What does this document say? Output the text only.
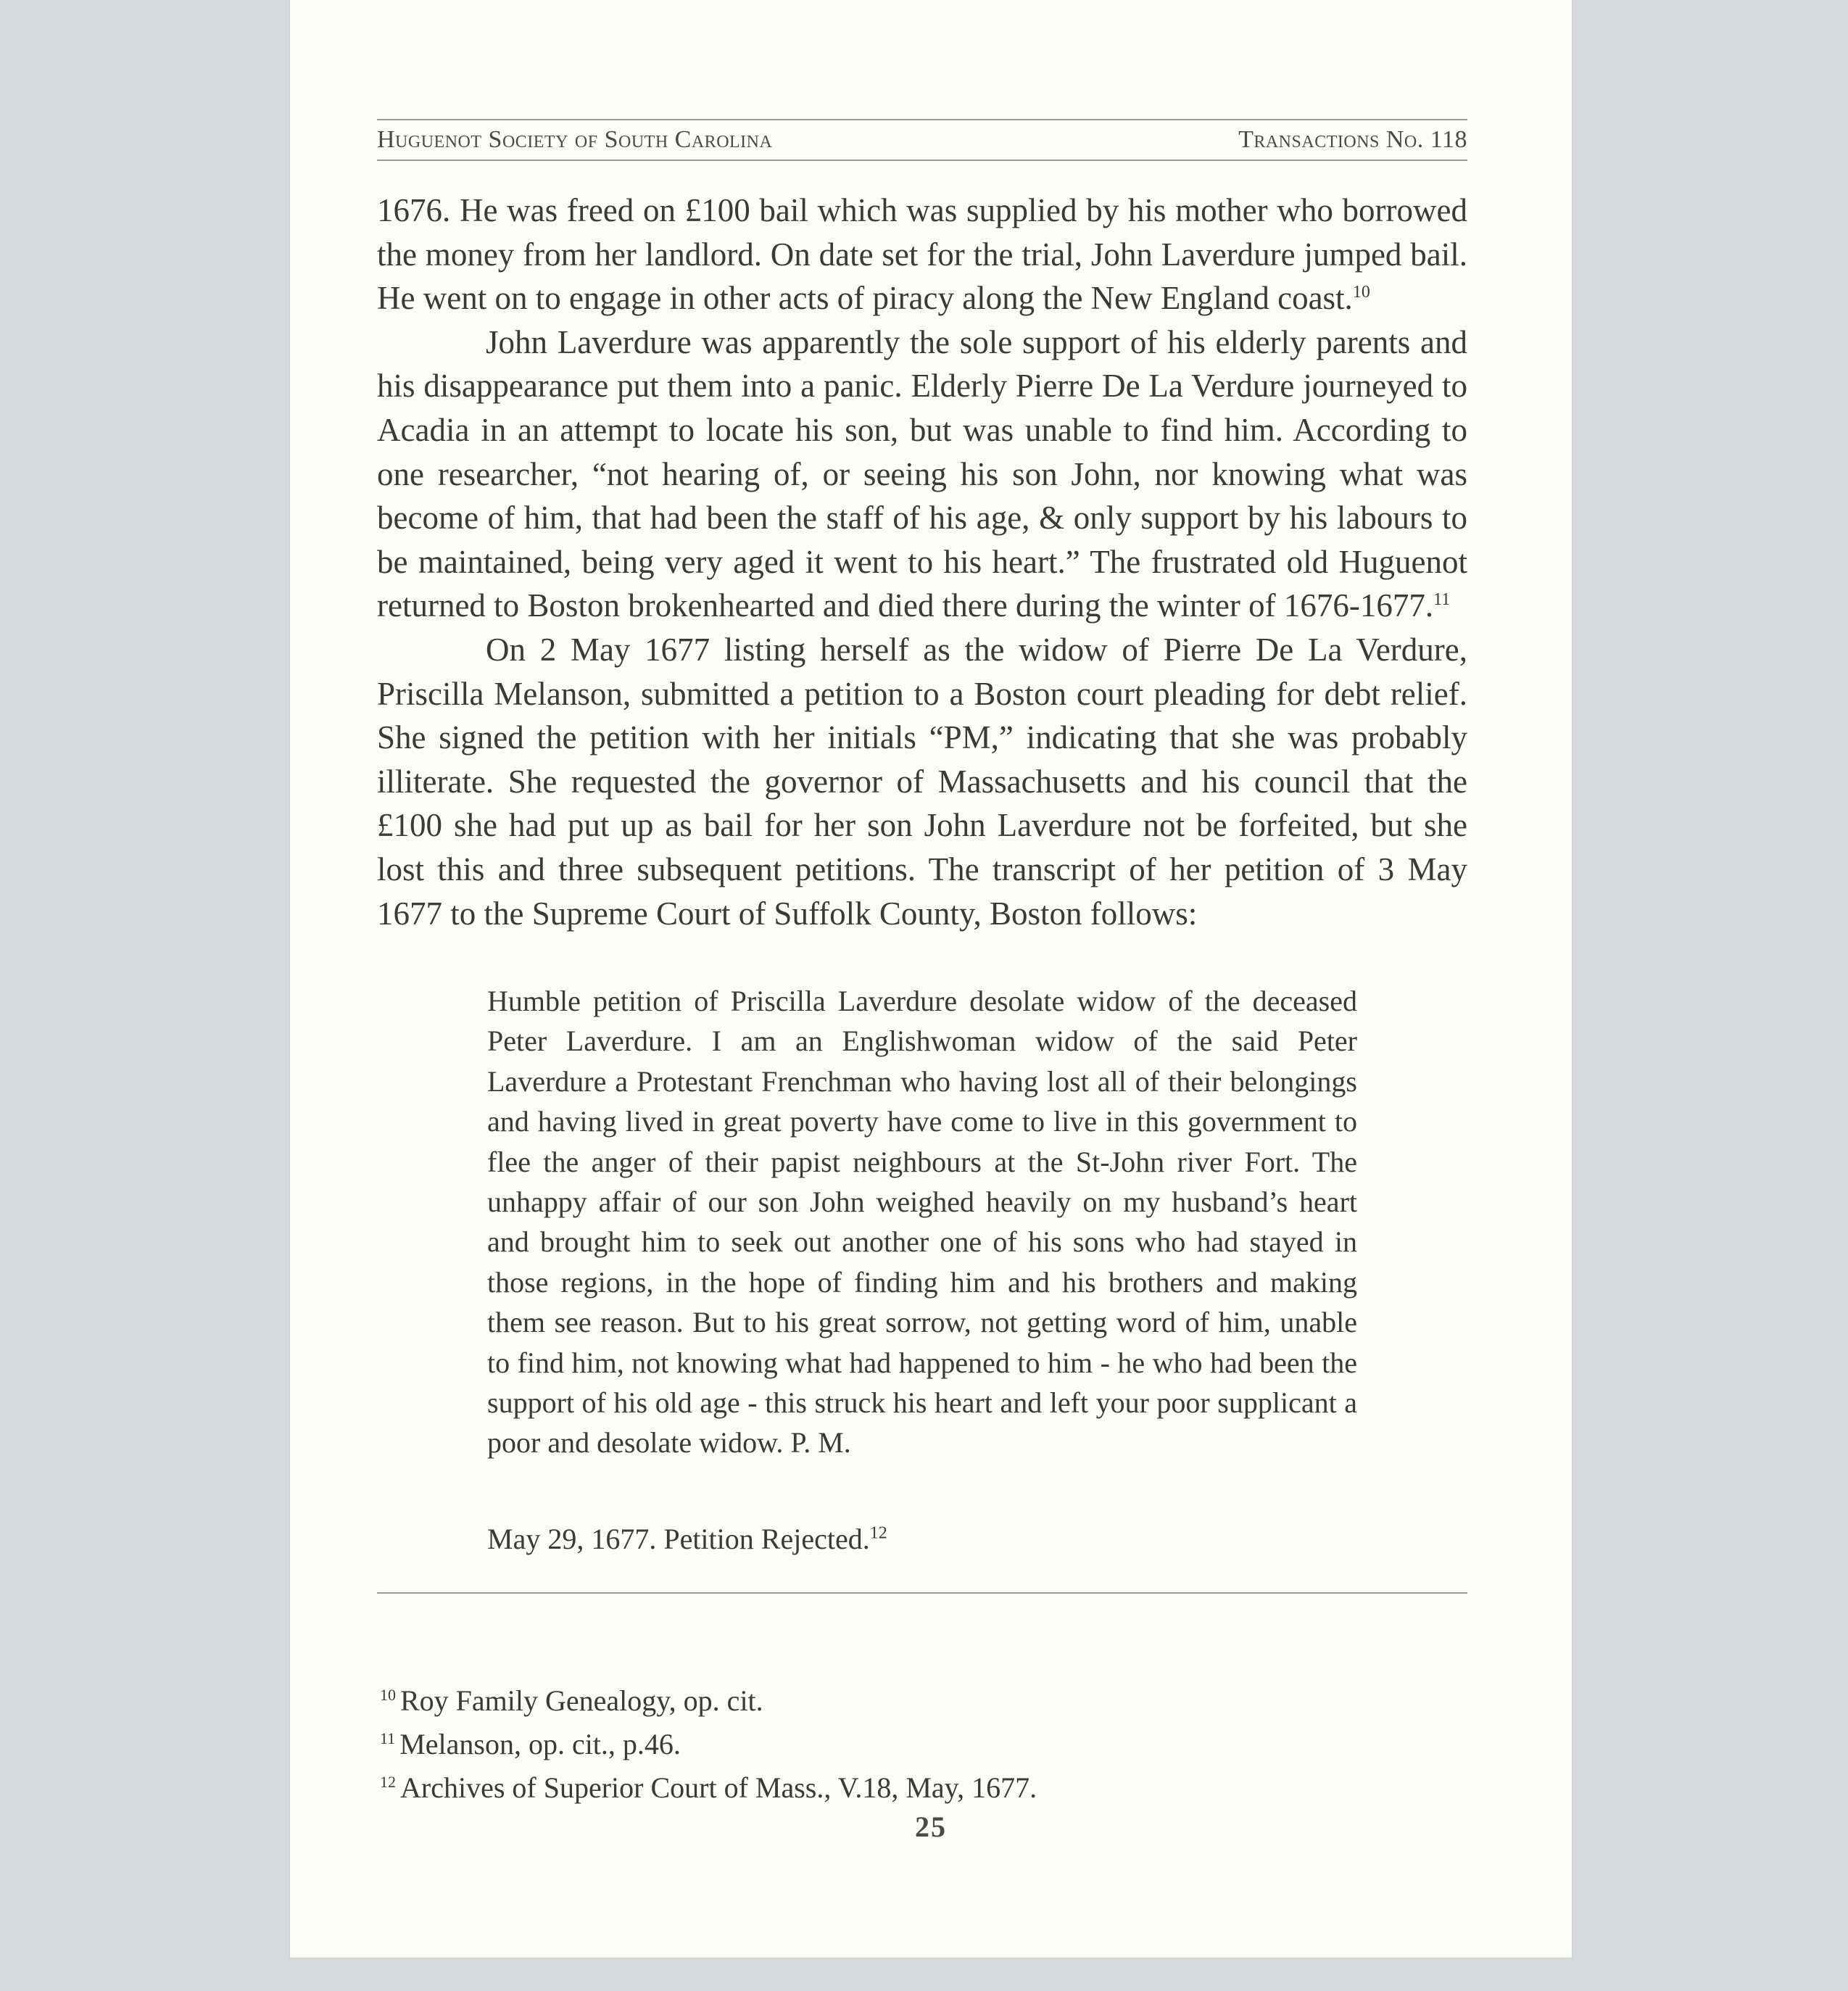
Huguenot Society of South Carolina	Transactions No. 118

1676. He was freed on £100 bail which was supplied by his mother who borrowed the money from her landlord. On date set for the trial, John Laverdure jumped bail. He went on to engage in other acts of piracy along the New England coast.$^{10}$

John Laverdure was apparently the sole support of his elderly parents and his disappearance put them into a panic. Elderly Pierre De La Verdure journeyed to Acadia in an attempt to locate his son, but was unable to find him. According to one researcher, “not hearing of, or seeing his son John, nor knowing what was become of him, that had been the staff of his age, & only support by his labours to be maintained, being very aged it went to his heart.” The frustrated old Huguenot returned to Boston brokenhearted and died there during the winter of 1676-1677.11

On 2 May 1677 listing herself as the widow of Pierre De La Verdure, Priscilla Melanson, submitted a petition to a Boston court pleading for debt relief. She signed the petition with her initials “PM,” indicating that she was probably illiterate. She requested the governor of Massachusetts and his council that the £100 she had put up as bail for her son John Laverdure not be forfeited, but she lost this and three subsequent petitions. The transcript of her petition of 3 May 1677 to the Supreme Court of Suffolk County, Boston follows:

Humble petition of Priscilla Laverdure desolate widow of the deceased Peter Laverdure. I am an Englishwoman widow of the said Peter Laverdure a Protestant Frenchman who having lost all of their belongings and having lived in great poverty have come to live in this government to flee the anger of their papist neighbours at the St-John river Fort. The unhappy affair of our son John weighed heavily on my husband’s heart and brought him to seek out another one of his sons who had stayed in those regions, in the hope of finding him and his brothers and making them see reason. But to his great sorrow, not getting word of him, unable to find him, not knowing what had happened to him - he who had been the support of his old age - this struck his heart and left your poor supplicant a poor and desolate widow. P. M.

May 29, 1677. Petition Rejected.$^{12}$

$^{10}$ Roy Family Genealogy, op. cit.

$^{11}$ Melanson, op. cit., p.46.

$^{12}$ Archives of Superior Court of Mass., V.18, May, 1677.

25
